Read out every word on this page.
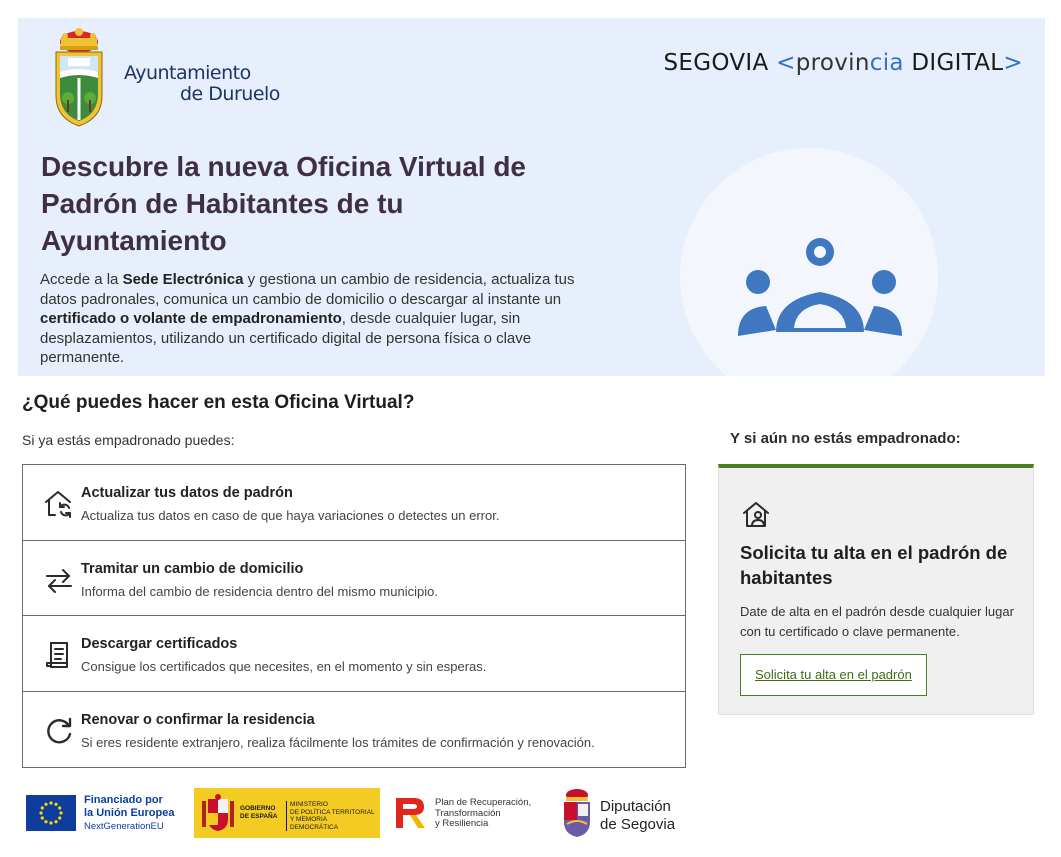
Ayuntamiento
de Duruelo
SEGOVIA <provincia DIGITAL>
Descubre la nueva Oficina Virtual de Padrón de Habitantes de tu Ayuntamiento

Accede a la Sede Electrónica y gestiona un cambio de residencia, actualiza tus datos padronales, comunica un cambio de domicilio o descargar al instante un certificado o volante de empadronamiento, desde cualquier lugar, sin desplazamientos, utilizando un certificado digital de persona física o clave permanente.

¿Qué puedes hacer en esta Oficina Virtual?

Si ya estás empadronado puedes:

Actualizar tus datos de padrón
Actualiza tus datos en caso de que haya variaciones o detectes un error.
Tramitar un cambio de domicilio
Informa del cambio de residencia dentro del mismo municipio.
Descargar certificados
Consigue los certificados que necesites, en el momento y sin esperas.
Renovar o confirmar la residencia
Si eres residente extranjero, realiza fácilmente los trámites de confirmación y renovación.
Y si aún no estás empadronado:
Solicita tu alta en el padrón de habitantes

Date de alta en el padrón desde cualquier lugar con tu certificado o clave permanente.

Solicita tu alta en el padrón
Financiado por
la Unión Europea
NextGenerationEU
GOBIERNO
DE ESPAÑA
MINISTERIO
DE POLÍTICA TERRITORIAL
Y MEMORIA DEMOCRÁTICA
Plan de Recuperación,
Transformación
y Resiliencia
Diputación
de Segovia
